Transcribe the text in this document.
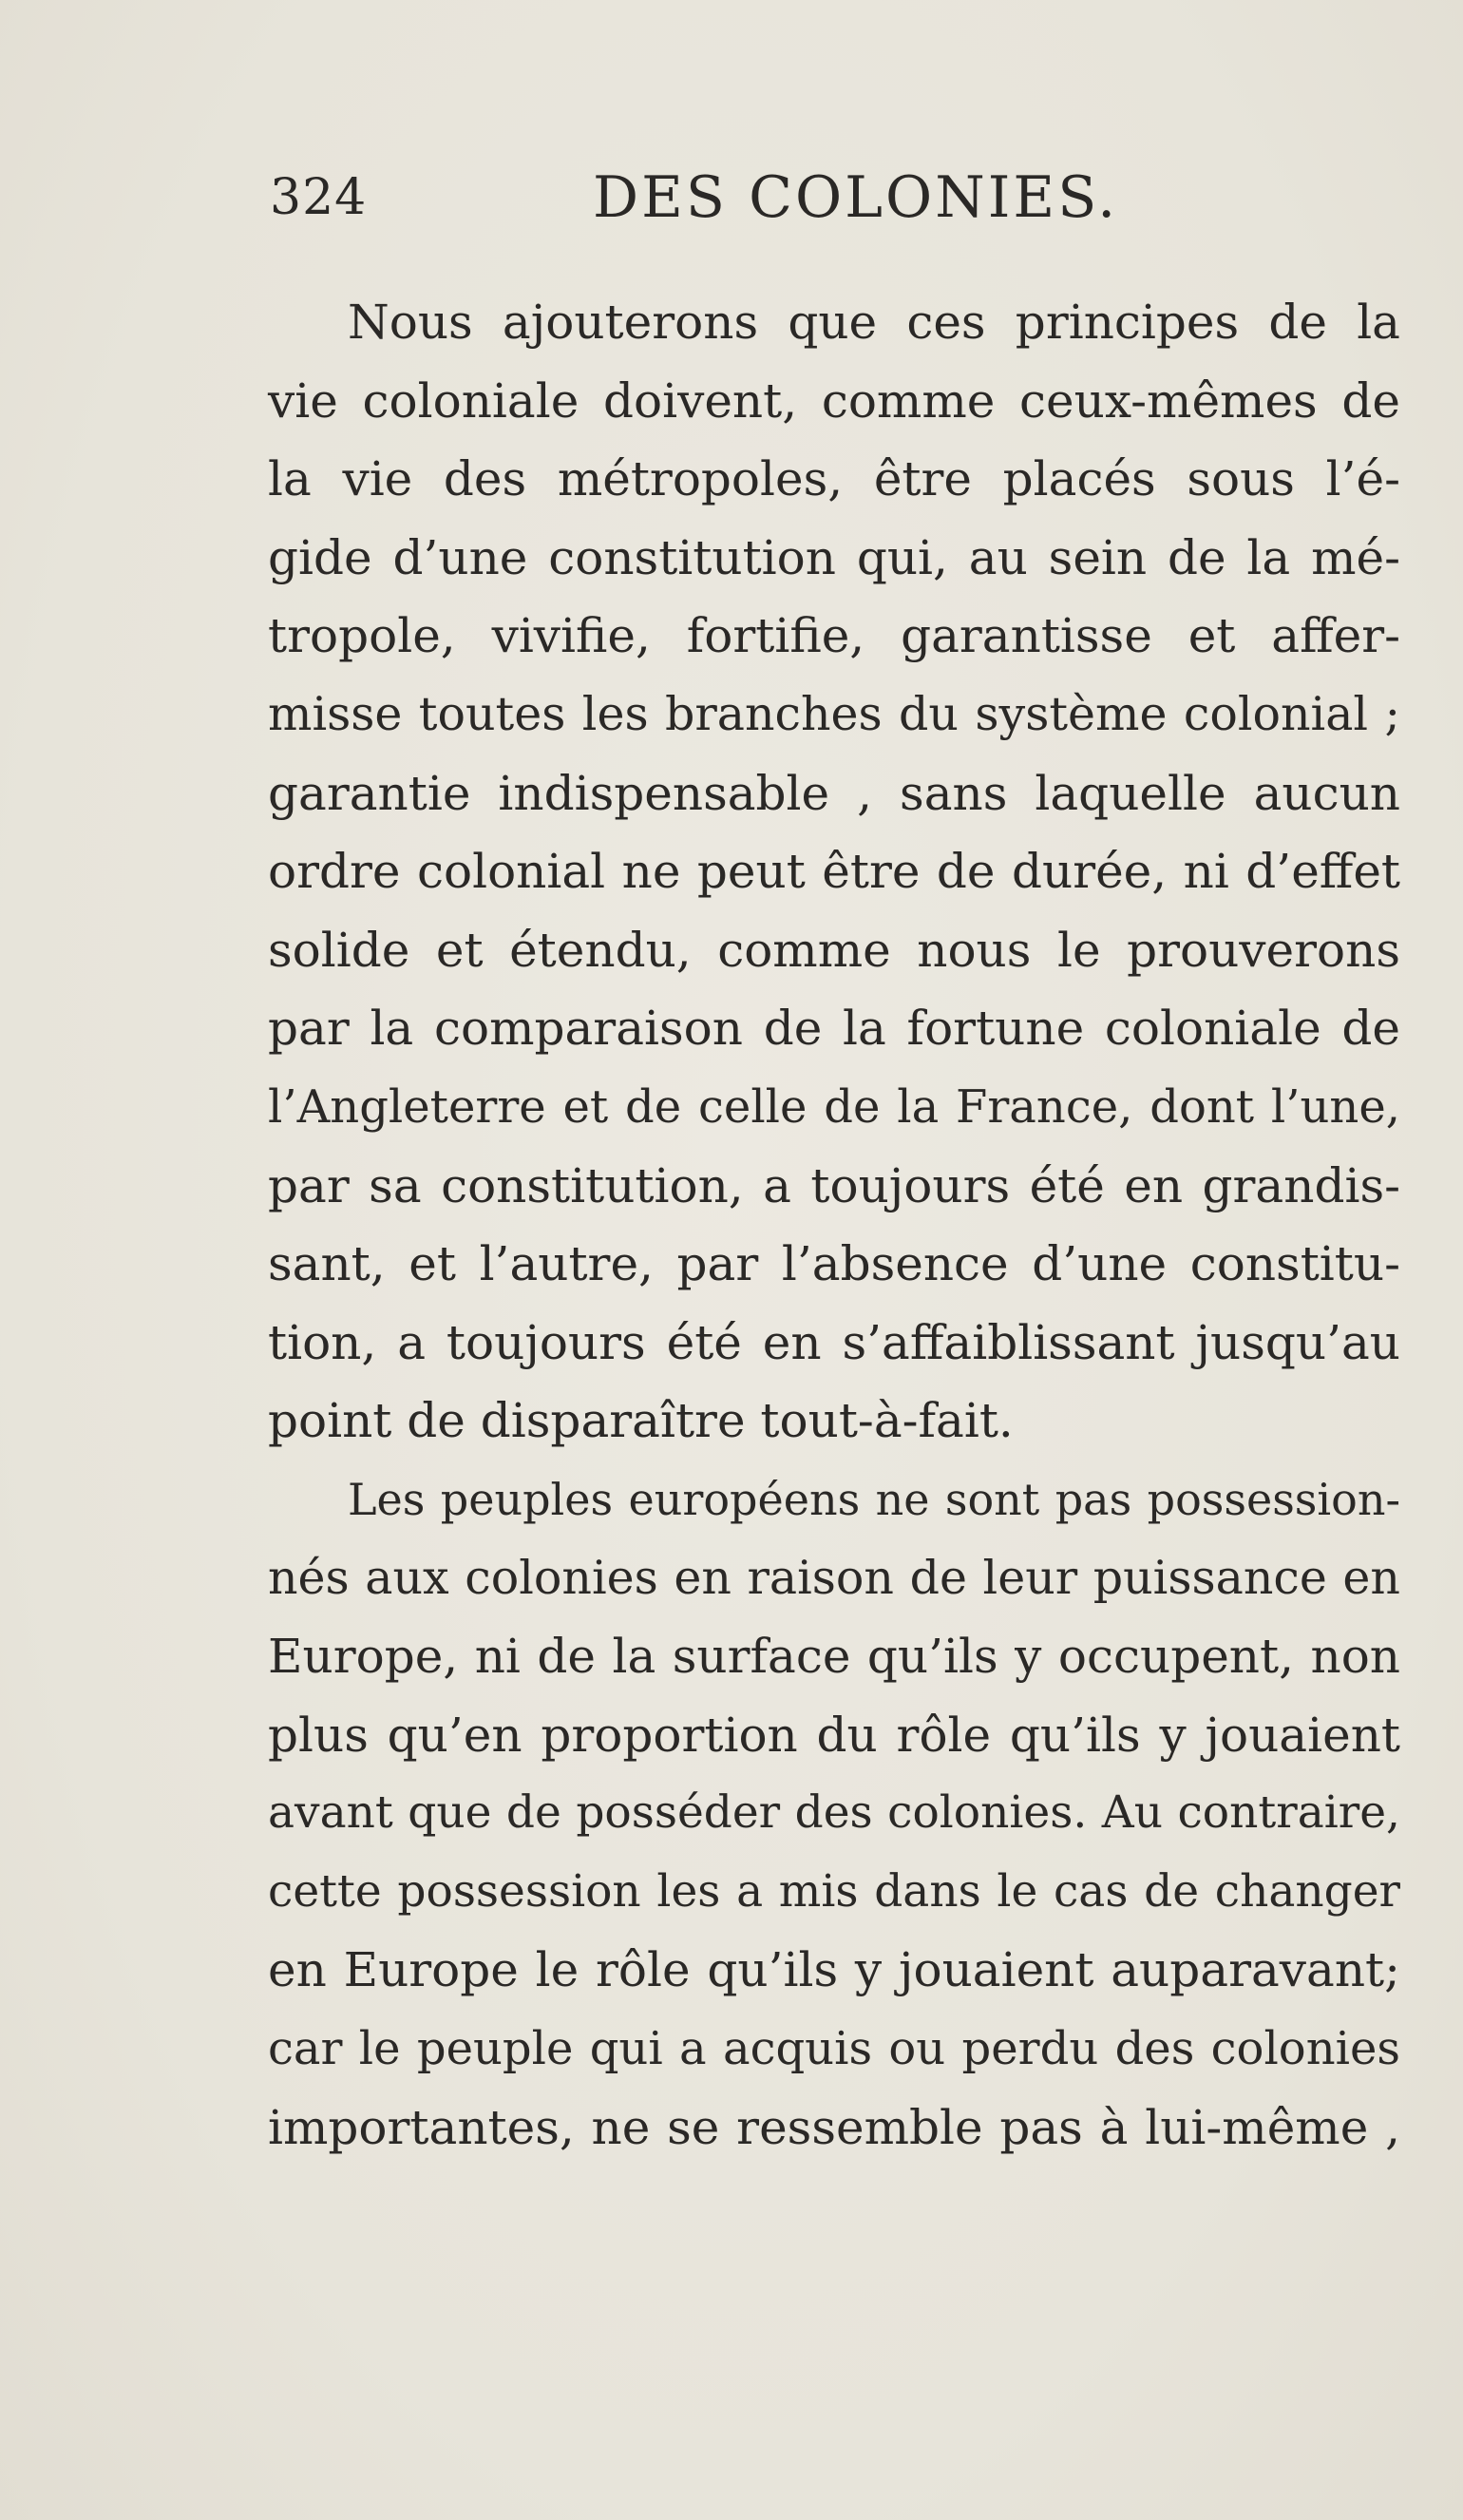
324	DES COLONIES.
Nous ajouterons que ces principes de la
vie coloniale doivent, comme ceux-mêmes de
la vie des métropoles, être placés sous l’é-
gide d’une constitution qui, au sein de la mé-
tropole, vivifie, fortifie, garantisse et affer-
misse toutes les branches du système colonial ;
garantie indispensable , sans laquelle aucun
ordre colonial ne peut être de durée, ni d’effet
solide et étendu, comme nous le prouverons
par la comparaison de la fortune coloniale de
l’Angleterre et de celle de la France, dont l’une,
par sa constitution, a toujours été en grandis-
sant, et l’autre, par l’absence d’une constitu-
tion, a toujours été en s’affaiblissant jusqu’au
point de disparaître tout-à-fait.
Les peuples européens ne sont pas possession-
nés aux colonies en raison de leur puissance en
Europe, ni de la surface qu’ils y occupent, non
plus qu’en proportion du rôle qu’ils y jouaient
avant que de posséder des colonies. Au contraire,
cette possession les a mis dans le cas de changer
en Europe le rôle qu’ils y jouaient auparavant;
car le peuple qui a acquis ou perdu des colonies
importantes, ne se ressemble pas à lui-même ,
